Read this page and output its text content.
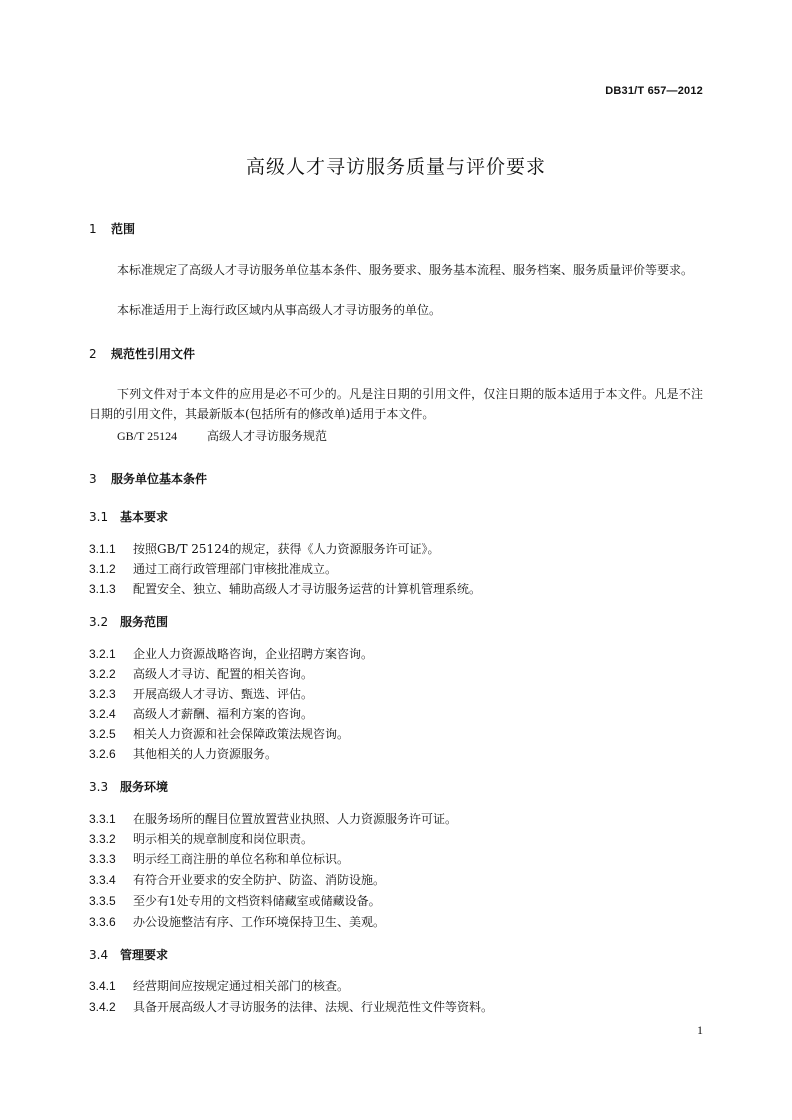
DB31/T 657—2012
高级人才寻访服务质量与评价要求
1 范围
本标准规定了高级人才寻访服务单位基本条件、服务要求、服务基本流程、服务档案、服务质量评价等要求。
本标准适用于上海行政区域内从事高级人才寻访服务的单位。
2 规范性引用文件
下列文件对于本文件的应用是必不可少的。凡是注日期的引用文件，仅注日期的版本适用于本文件。凡是不注日期的引用文件，其最新版本(包括所有的修改单)适用于本文件。
GB/T 25124 高级人才寻访服务规范
3 服务单位基本条件
3.1 基本要求
3.1.1 按照GB/T 25124的规定，获得《人力资源服务许可证》。
3.1.2 通过工商行政管理部门审核批准成立。
3.1.3 配置安全、独立、辅助高级人才寻访服务运营的计算机管理系统。
3.2 服务范围
3.2.1 企业人力资源战略咨询，企业招聘方案咨询。
3.2.2 高级人才寻访、配置的相关咨询。
3.2.3 开展高级人才寻访、甄选、评估。
3.2.4 高级人才薪酬、福利方案的咨询。
3.2.5 相关人力资源和社会保障政策法规咨询。
3.2.6 其他相关的人力资源服务。
3.3 服务环境
3.3.1 在服务场所的醒目位置放置营业执照、人力资源服务许可证。
3.3.2 明示相关的规章制度和岗位职责。
3.3.3 明示经工商注册的单位名称和单位标识。
3.3.4 有符合开业要求的安全防护、防盗、消防设施。
3.3.5 至少有1处专用的文档资料储藏室或储藏设备。
3.3.6 办公设施整洁有序、工作环境保持卫生、美观。
3.4 管理要求
3.4.1 经营期间应按规定通过相关部门的核查。
3.4.2 具备开展高级人才寻访服务的法律、法规、行业规范性文件等资料。
1
